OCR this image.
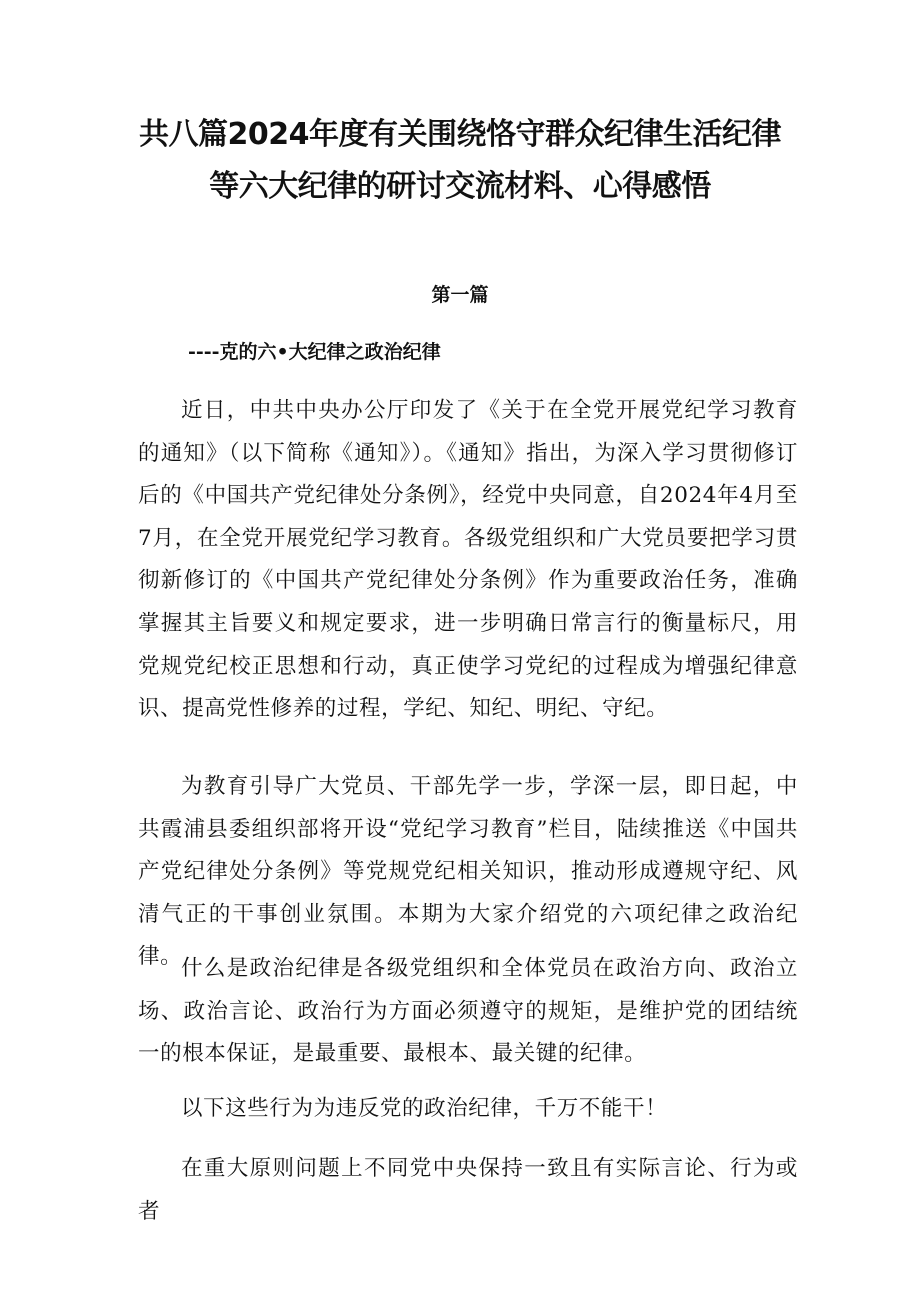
共八篇2024年度有关围绕恪守群众纪律生活纪律
等六大纪律的研讨交流材料、心得感悟
第一篇
----克的六•大纪律之政治纪律

近日，中共中央办公厅印发了《关于在全党开展党纪学习教育的通知》（以下简称《通知》）。《通知》指出，为深入学习贯彻修订后的《中国共产党纪律处分条例》，经党中央同意，自2024年4月至7月，在全党开展党纪学习教育。各级党组织和广大党员要把学习贯彻新修订的《中国共产党纪律处分条例》作为重要政治任务，准确掌握其主旨要义和规定要求，进一步明确日常言行的衡量标尺，用党规党纪校正思想和行动，真正使学习党纪的过程成为增强纪律意识、提高党性修养的过程，学纪、知纪、明纪、守纪。

为教育引导广大党员、干部先学一步，学深一层，即日起，中共霞浦县委组织部将开设“党纪学习教育”栏目，陆续推送《中国共产党纪律处分条例》等党规党纪相关知识，推动形成遵规守纪、风清气正的干事创业氛围。本期为大家介绍党的六项纪律之政治纪律。

什么是政治纪律是各级党组织和全体党员在政治方向、政治立场、政治言论、政治行为方面必须遵守的规矩，是维护党的团结统一的根本保证，是最重要、最根本、最关键的纪律。

以下这些行为为违反党的政治纪律，千万不能干！

在重大原则问题上不同党中央保持一致且有实际言论、行为或者
